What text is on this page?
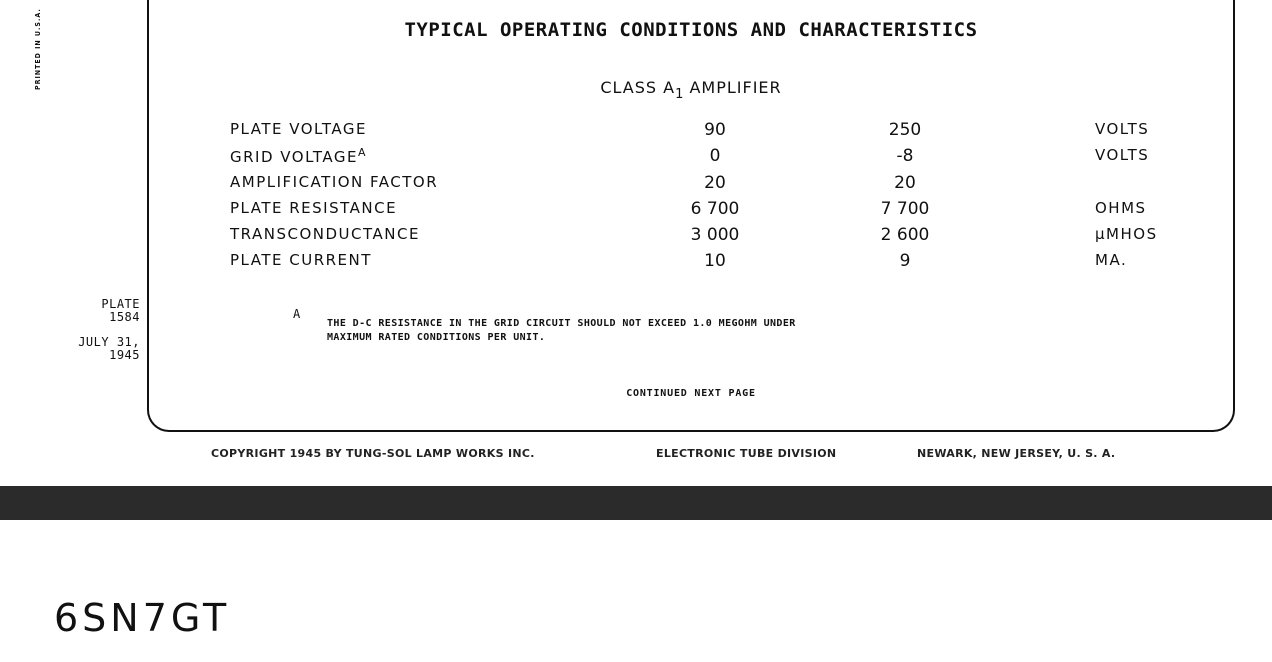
PRINTED IN U.S.A.
PLATE
1584
JULY 31,
1945
TYPICAL OPERATING CONDITIONS AND CHARACTERISTICS
CLASS $A_1$ AMPLIFIER
PLATE VOLTAGE	90	250	VOLTS
GRID $VOLTAGE^A$	0	-8	VOLTS
AMPLIFICATION FACTOR	20	20
PLATE RESISTANCE	6 700	7 700	OHMS
TRANSCONDUCTANCE	3 000	2 600	μMHOS
PLATE CURRENT	10	9	MA.
A
THE D-C RESISTANCE IN THE GRID CIRCUIT SHOULD NOT EXCEED 1.0 MEGOHM UNDER
MAXIMUM RATED CONDITIONS PER UNIT.
CONTINUED NEXT PAGE
COPYRIGHT 1945 BY TUNG-SOL LAMP WORKS INC.	ELECTRONIC TUBE DIVISION	NEWARK, NEW JERSEY, U. S. A.
6SN7GT
